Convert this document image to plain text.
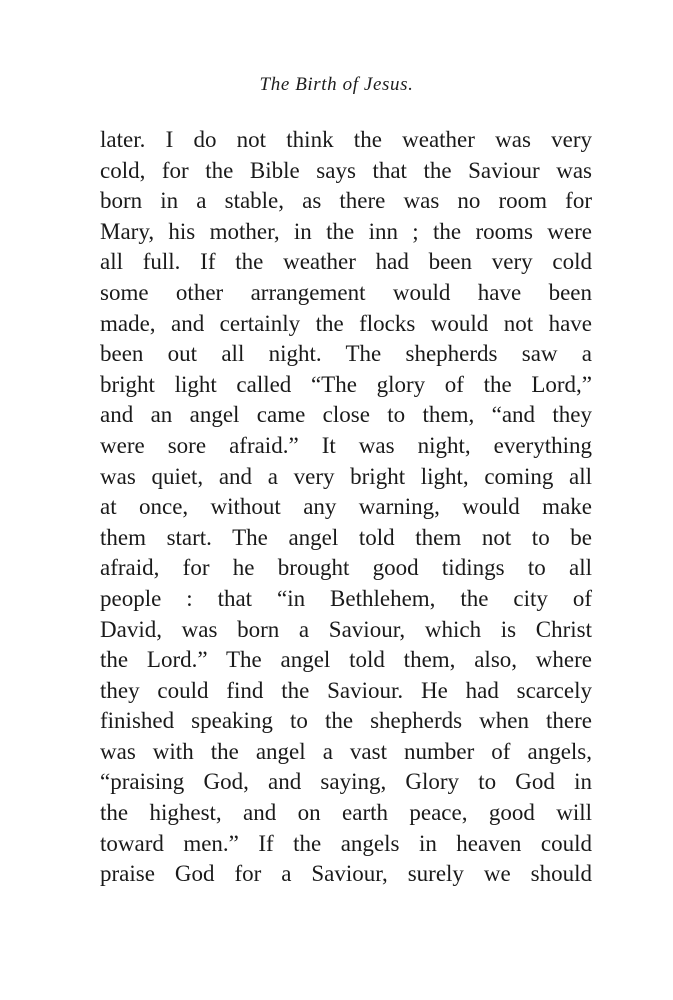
The Birth of Jesus.
later. I do not think the weather was very
cold, for the Bible says that the Saviour was
born in a stable, as there was no room for
Mary, his mother, in the inn ; the rooms were
all full. If the weather had been very cold
some other arrangement would have been
made, and certainly the flocks would not have
been out all night. The shepherds saw a
bright light called “The glory of the Lord,”
and an angel came close to them, “and they
were sore afraid.” It was night, everything
was quiet, and a very bright light, coming all
at once, without any warning, would make
them start. The angel told them not to be
afraid, for he brought good tidings to all
people : that “in Bethlehem, the city of
David, was born a Saviour, which is Christ
the Lord.” The angel told them, also, where
they could find the Saviour. He had scarcely
finished speaking to the shepherds when there
was with the angel a vast number of angels,
“praising God, and saying, Glory to God in
the highest, and on earth peace, good will
toward men.” If the angels in heaven could
praise God for a Saviour, surely we should
